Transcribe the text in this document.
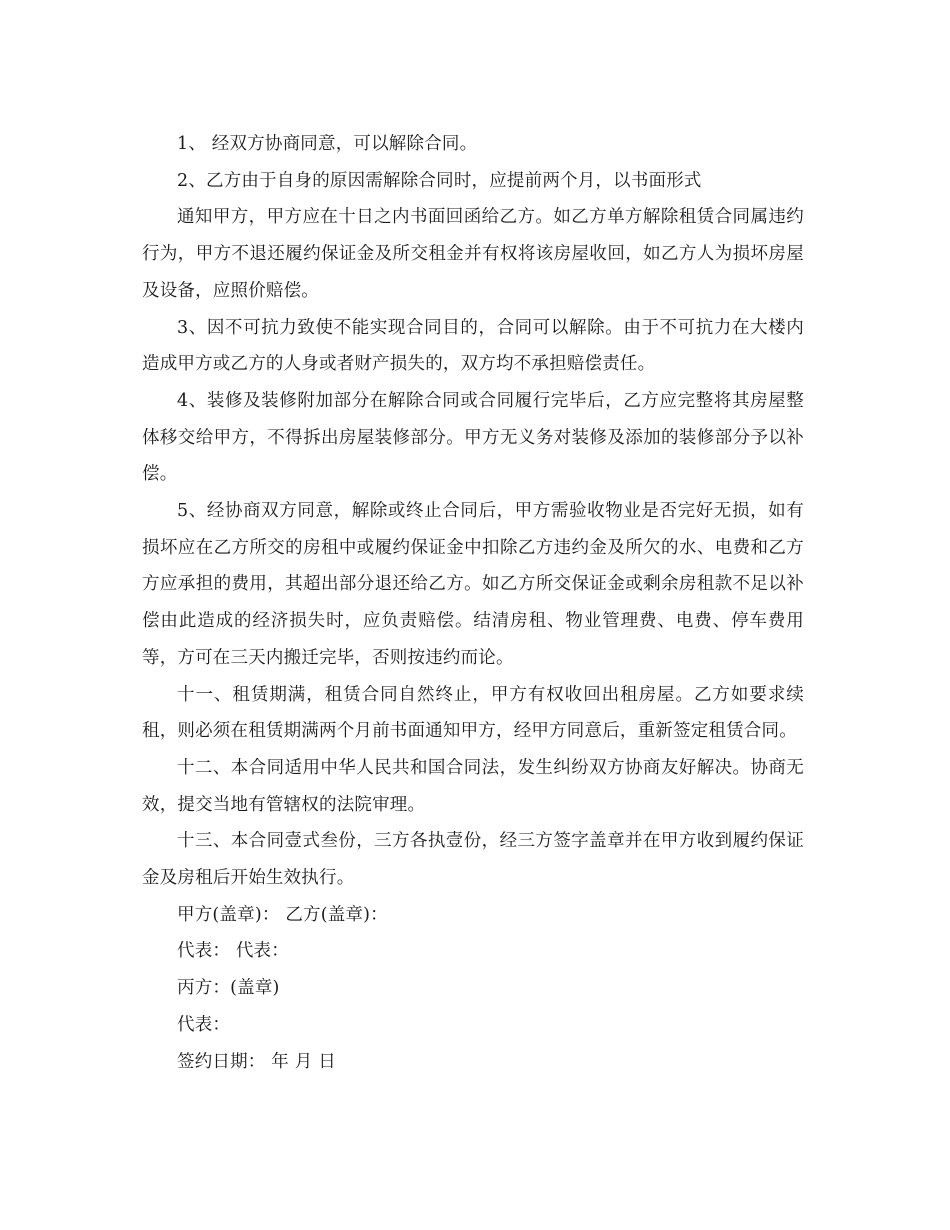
1、 经双方协商同意，可以解除合同。

2、乙方由于自身的原因需解除合同时，应提前两个月，以书面形式

通知甲方，甲方应在十日之内书面回函给乙方。如乙方单方解除租赁合同属违约行为，甲方不退还履约保证金及所交租金并有权将该房屋收回，如乙方人为损坏房屋及设备，应照价赔偿。

3、因不可抗力致使不能实现合同目的，合同可以解除。由于不可抗力在大楼内造成甲方或乙方的人身或者财产损失的，双方均不承担赔偿责任。

4、装修及装修附加部分在解除合同或合同履行完毕后，乙方应完整将其房屋整体移交给甲方，不得拆出房屋装修部分。甲方无义务对装修及添加的装修部分予以补偿。

5、经协商双方同意，解除或终止合同后，甲方需验收物业是否完好无损，如有损坏应在乙方所交的房租中或履约保证金中扣除乙方违约金及所欠的水、电费和乙方方应承担的费用，其超出部分退还给乙方。如乙方所交保证金或剩余房租款不足以补偿由此造成的经济损失时，应负责赔偿。结清房租、物业管理费、电费、停车费用等，方可在三天内搬迁完毕，否则按违约而论。

十一、租赁期满，租赁合同自然终止，甲方有权收回出租房屋。乙方如要求续租，则必须在租赁期满两个月前书面通知甲方，经甲方同意后，重新签定租赁合同。

十二、本合同适用中华人民共和国合同法，发生纠纷双方协商友好解决。协商无效，提交当地有管辖权的法院审理。

十三、本合同壹式叁份，三方各执壹份，经三方签字盖章并在甲方收到履约保证金及房租后开始生效执行。

甲方(盖章)： 乙方(盖章)：

代表： 代表：

丙方：(盖章)

代表：

签约日期： 年 月 日
